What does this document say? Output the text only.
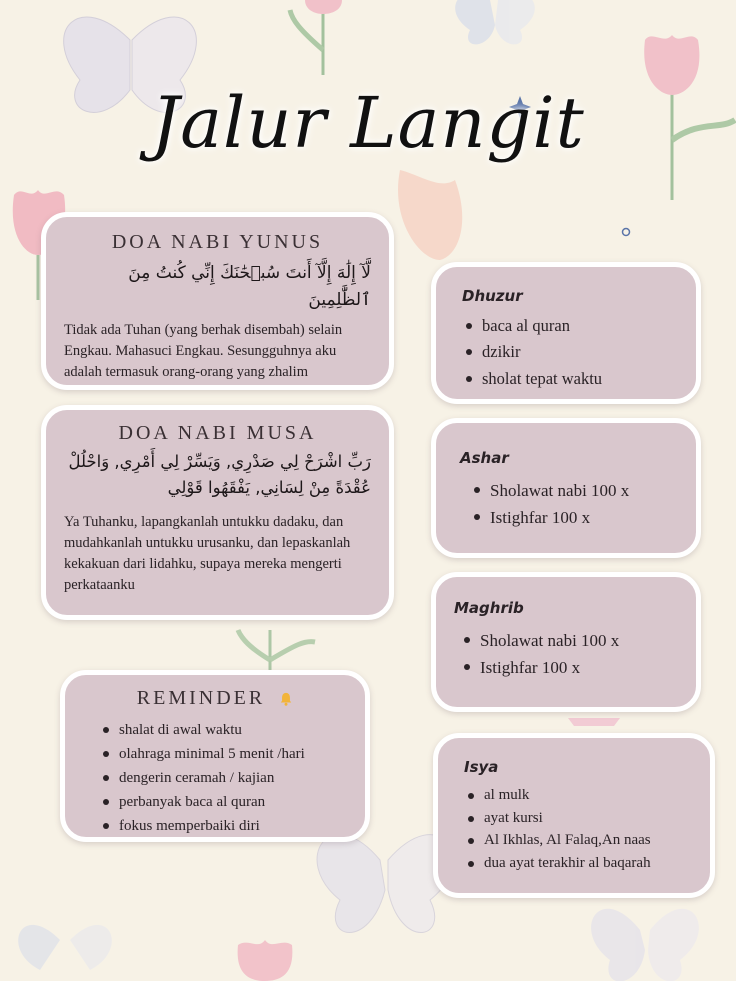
Jalur Langit
DOA NABI YUNUS
لَّآ إِلَٰهَ إِلَّآ أَنتَ سُبۡحَٰنَكَ إِنِّي كُنتُ مِنَ ٱلظَّٰلِمِينَ
Tidak ada Tuhan (yang berhak disembah) selain Engkau. Mahasuci Engkau. Sesungguhnya aku adalah termasuk orang-orang yang zhalim
DOA NABI MUSA
رَبِّ اشْرَحْ لِي صَدْرِي, وَيَسِّرْ لِي أَمْرِي, وَاحْلُلْ
عُقْدَةً مِنْ لِسَانِي, يَفْقَهُوا قَوْلِي
Ya Tuhanku, lapangkanlah untukku dadaku, dan mudahkanlah untukku urusanku, dan lepaskanlah kekakuan dari lidahku, supaya mereka mengerti perkataanku
REMINDER
shalat di awal waktu
olahraga minimal 5 menit /hari
dengerin ceramah / kajian
perbanyak baca al quran
fokus memperbaiki diri
Dhuzur
baca al quran
dzikir
sholat tepat waktu
Ashar
Sholawat nabi 100 x
Istighfar 100 x
Maghrib
Sholawat nabi 100 x
Istighfar 100 x
Isya
al mulk
ayat kursi
Al Ikhlas, Al Falaq,An naas
dua ayat terakhir al baqarah
